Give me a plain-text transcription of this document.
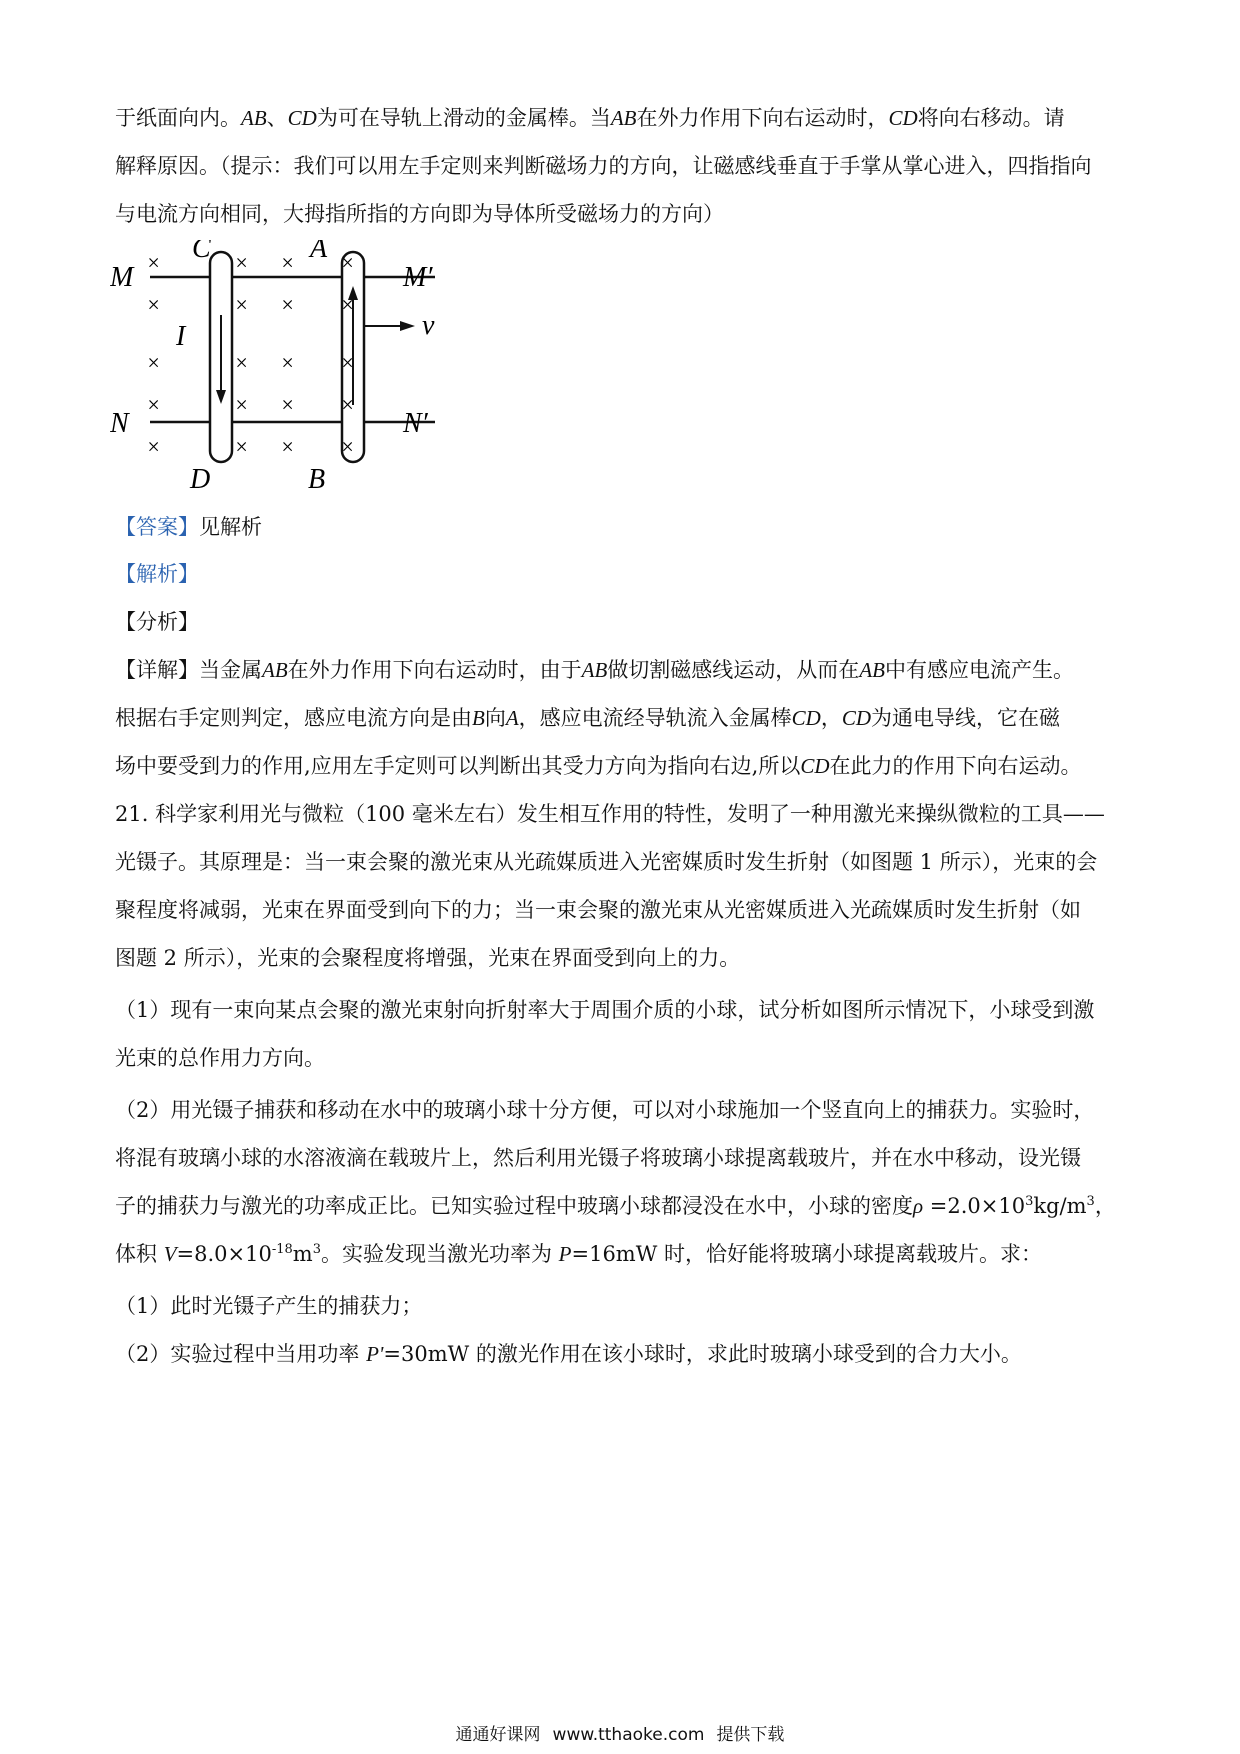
于纸面向内。AB、CD为可在导轨上滑动的金属棒。当AB在外力作用下向右运动时，CD将向右移动。请
解释原因。（提示：我们可以用左手定则来判断磁场力的方向，让磁感线垂直于手掌从掌心进入，四指指向
与电流方向相同，大拇指所指的方向即为导体所受磁场力的方向）
C	A
D	B
M	M′
N	N′
I	v
×	× × ×
×	× × ×
×	× × ×
×	× × ×
×	× × ×
【答案】见解析
【解析】
【分析】
【详解】当金属AB在外力作用下向右运动时，由于AB做切割磁感线运动，从而在AB中有感应电流产生。
根据右手定则判定，感应电流方向是由B向A，感应电流经导轨流入金属棒CD，CD为通电导线，它在磁
场中要受到力的作用,应用左手定则可以判断出其受力方向为指向右边,所以CD在此力的作用下向右运动。
21. 科学家利用光与微粒（100 毫米左右）发生相互作用的特性，发明了一种用激光来操纵微粒的工具——
光镊子。其原理是：当一束会聚的激光束从光疏媒质进入光密媒质时发生折射（如图题 1 所示），光束的会
聚程度将减弱，光束在界面受到向下的力；当一束会聚的激光束从光密媒质进入光疏媒质时发生折射（如
图题 2 所示），光束的会聚程度将增强，光束在界面受到向上的力。
（1）现有一束向某点会聚的激光束射向折射率大于周围介质的小球，试分析如图所示情况下，小球受到激
光束的总作用力方向。
（2）用光镊子捕获和移动在水中的玻璃小球十分方便，可以对小球施加一个竖直向上的捕获力。实验时，
将混有玻璃小球的水溶液滴在载玻片上，然后利用光镊子将玻璃小球提离载玻片，并在水中移动，设光镊
子的捕获力与激光的功率成正比。已知实验过程中玻璃小球都浸没在水中，小球的密度$\rho =2.0\times 10^3kg/m^3$，
体积 $V=8.0\times 10^{-18}m^3$。实验发现当激光功率为 P=16mW 时，恰好能将玻璃小球提离载玻片。求：
（1）此时光镊子产生的捕获力；
（2）实验过程中当用功率 P'=30mW 的激光作用在该小球时，求此时玻璃小球受到的合力大小。
通通好课网 www.tthaoke.com 提供下载
